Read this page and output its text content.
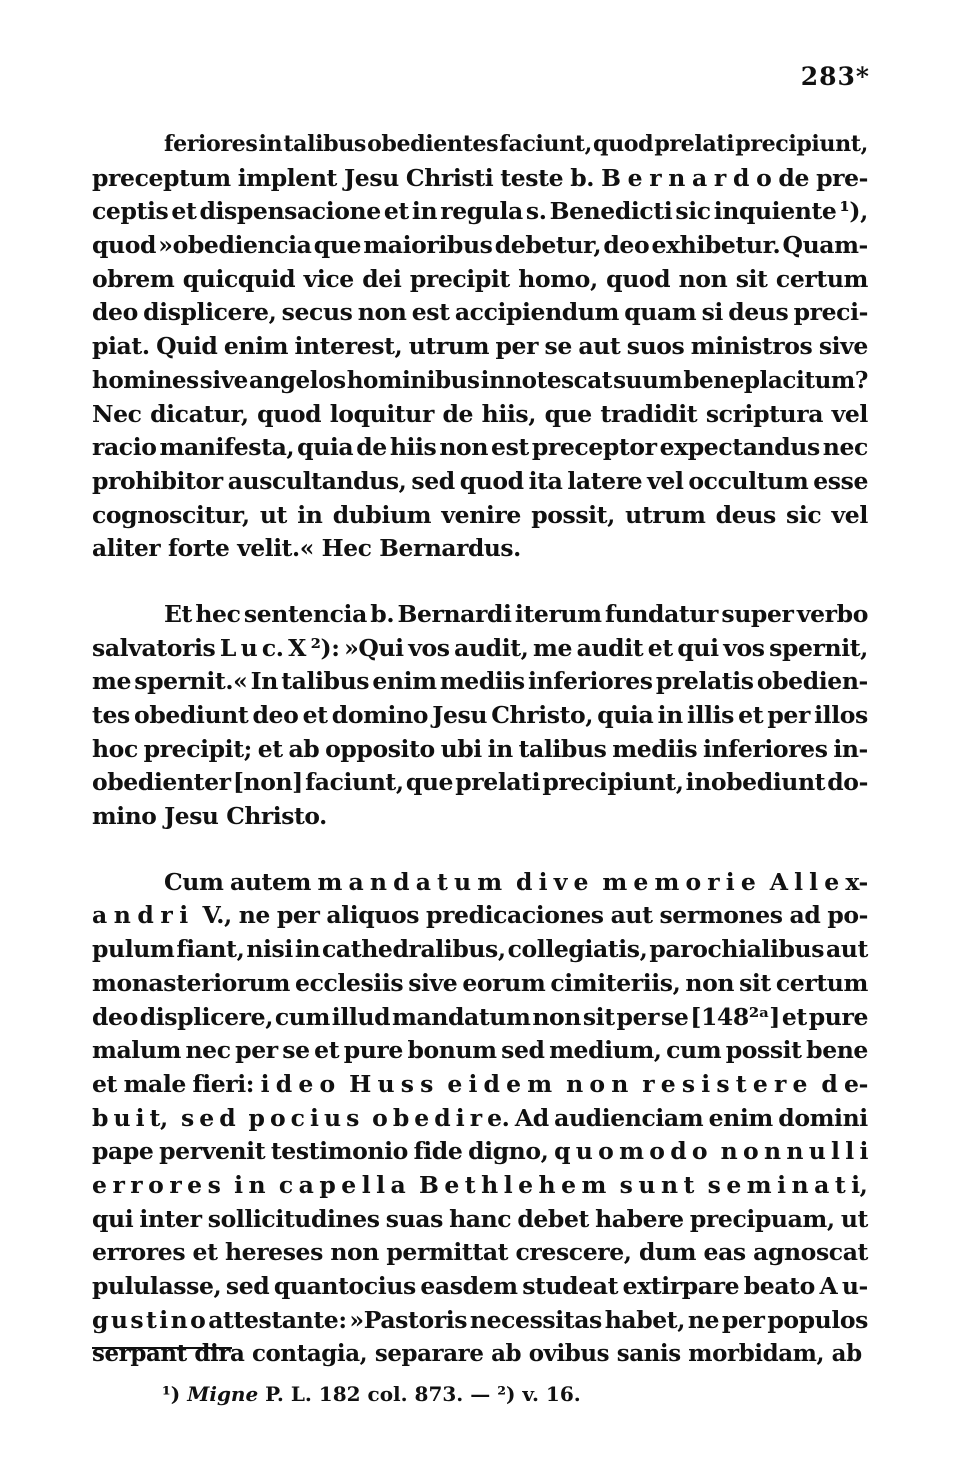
283*
feriores in talibus obedientes faciunt, quod prelati precipiunt,
preceptum implent Jesu Christi teste b. B e r n a r d o de pre-
ceptis et dispensacione et in regula s. Benedicti sic inquiente ¹),
quod »obediencia que maioribus debetur, deo exhibetur. Quam-
obrem quicquid vice dei precipit homo, quod non sit certum
deo displicere, secus non est accipiendum quam si deus preci-
piat. Quid enim interest, utrum per se aut suos ministros sive
homines sive angelos hominibus innotescat suum beneplacitum?
Nec dicatur, quod loquitur de hiis, que tradidit scriptura vel
racio manifesta, quia de hiis non est preceptor expectandus nec
prohibitor auscultandus, sed quod ita latere vel occultum esse
cognoscitur, ut in dubium venire possit, utrum deus sic vel
aliter forte velit.« Hec Bernardus.
Et hec sentencia b. Bernardi iterum fundatur super verbo
salvatoris L u c. X ²): »Qui vos audit, me audit et qui vos spernit,
me spernit.« In talibus enim mediis inferiores prelatis obedien-
tes obediunt deo et domino Jesu Christo, quia in illis et per illos
hoc precipit; et ab opposito ubi in talibus mediis inferiores in-
obedienter [non] faciunt, que prelati precipiunt, inobediunt do-
mino Jesu Christo.
Cum autem m a n d a t u m d i v e m e m o r i e A l l e x-
a n d r i V., ne per aliquos predicaciones aut sermones ad po-
pulum fiant, nisi in cathedralibus, collegiatis, parochialibus aut
monasteriorum ecclesiis sive eorum cimiteriis, non sit certum
deo displicere, cum illud mandatum non sit per se [148²ᵃ] et pure
malum nec per se et pure bonum sed medium, cum possit bene
et male fieri: i d e o H u s s e i d e m n o n r e s i s t e r e d e-
b u i t, s e d p o c i u s o b e d i r e. Ad audienciam enim domini
pape pervenit testimonio fide digno, q u o m o d o n o n n u l l i
e r r o r e s i n c a p e l l a B e t h l e h e m s u n t s e m i n a t i,
qui inter sollicitudines suas hanc debet habere precipuam, ut
errores et hereses non permittat crescere, dum eas agnoscat
pululasse, sed quantocius easdem studeat extirpare beato A u-
g u s t i n o attestante: »Pastoris necessitas habet, ne per populos
serpant dira contagia, separare ab ovibus sanis morbidam, ab
¹) Migne P. L. 182 col. 873. — ²) v. 16.
